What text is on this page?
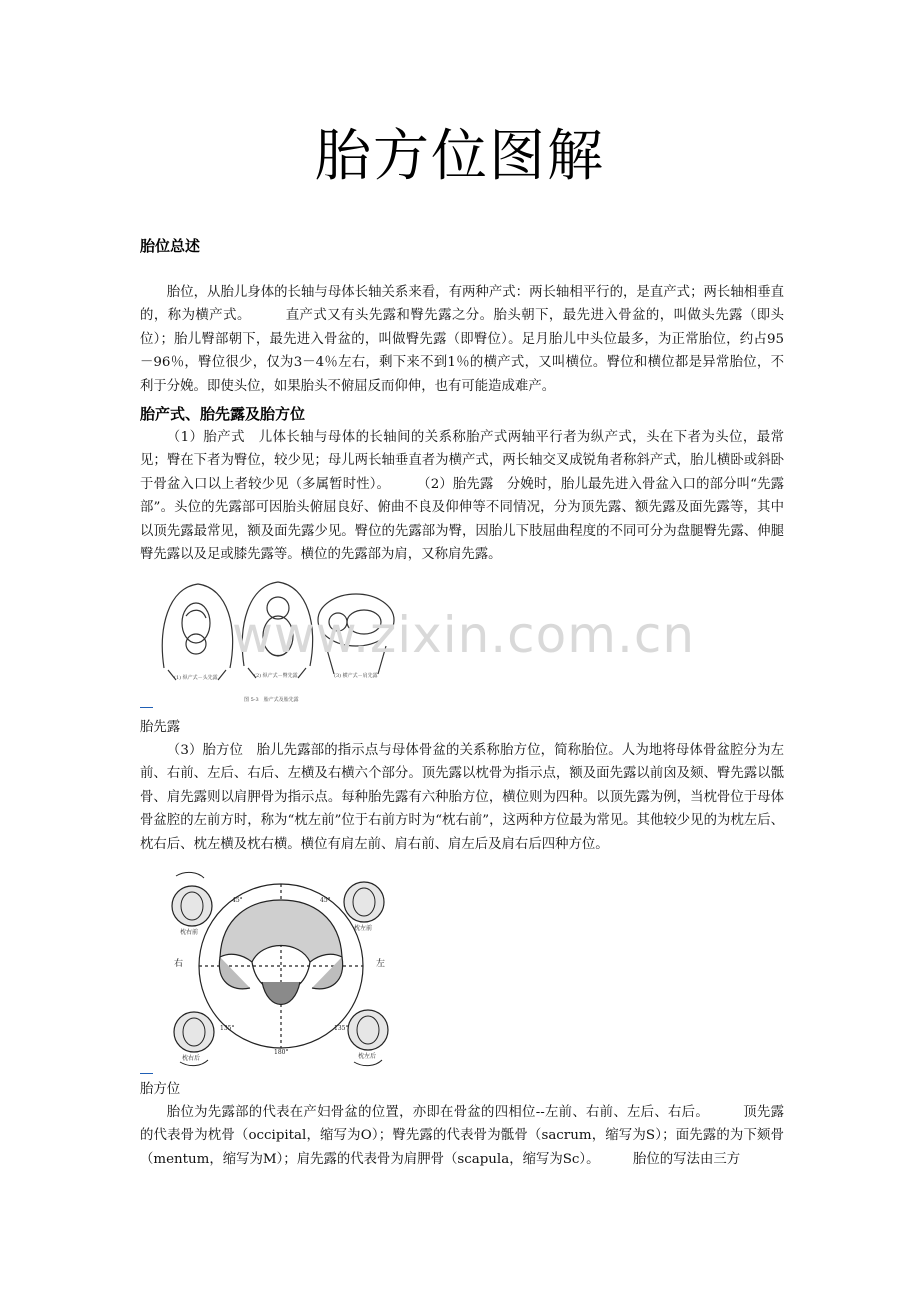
胎方位图解
胎位总述
胎位，从胎儿身体的长轴与母体长轴关系来看，有两种产式：两长轴相平行的，是直产式；两长轴相垂直的，称为横产式。　　　直产式又有头先露和臀先露之分。胎头朝下，最先进入骨盆的，叫做头先露（即头位）；胎儿臀部朝下，最先进入骨盆的，叫做臀先露（即臀位）。足月胎儿中头位最多，为正常胎位，约占95－96％，臀位很少，仅为3－4％左右，剩下来不到1％的横产式，又叫横位。臀位和横位都是异常胎位，不利于分娩。即使头位，如果胎头不俯屈反而仰伸，也有可能造成难产。
胎产式、胎先露及胎方位
（1）胎产式　儿体长轴与母体的长轴间的关系称胎产式两轴平行者为纵产式，头在下者为头位，最常见；臀在下者为臀位，较少见；母儿两长轴垂直者为横产式，两长轴交叉成锐角者称斜产式，胎儿横卧或斜卧于骨盆入口以上者较少见（多属暂时性）。　　　（2）胎先露　分娩时，胎儿最先进入骨盆入口的部分叫“先露部”。头位的先露部可因胎头俯屈良好、俯曲不良及仰伸等不同情况，分为顶先露、额先露及面先露等，其中以顶先露最常见，额及面先露少见。臀位的先露部为臀，因胎儿下肢屈曲程度的不同可分为盘腿臀先露、伸腿臀先露以及足或膝先露等。横位的先露部为肩，又称肩先露。
(1) 纵产式－头先露	(2) 纵产式－臀先露	(3) 横产式－肩先露
图 5-3　胎产式及胎先露
www.zixin.com.cn
胎先露
（3）胎方位　胎儿先露部的指示点与母体骨盆的关系称胎方位，简称胎位。人为地将母体骨盆腔分为左前、右前、左后、右后、左横及右横六个部分。顶先露以枕骨为指示点，额及面先露以前囟及颏、臀先露以骶骨、肩先露则以肩胛骨为指示点。每种胎先露有六种胎方位，横位则为四种。以顶先露为例，当枕骨位于母体骨盆腔的左前方时，称为“枕左前”位于右前方时为“枕右前”，这两种方位最为常见。其他较少见的为枕左后、枕右后、枕左横及枕右横。横位有肩左前、肩右前、肩左后及肩右后四种方位。
枕右前
枕左前
枕右后	枕左后
45°	45°
135°	135°
180°
右	左
胎方位
胎位为先露部的代表在产妇骨盆的位置，亦即在骨盆的四相位--左前、右前、左后、右后。　　　顶先露的代表骨为枕骨（occipital，缩写为O）；臀先露的代表骨为骶骨（sacrum，缩写为S）；面先露的为下颏骨（mentum，缩写为M）；肩先露的代表骨为肩胛骨（scapula，缩写为Sc）。　　　胎位的写法由三方
